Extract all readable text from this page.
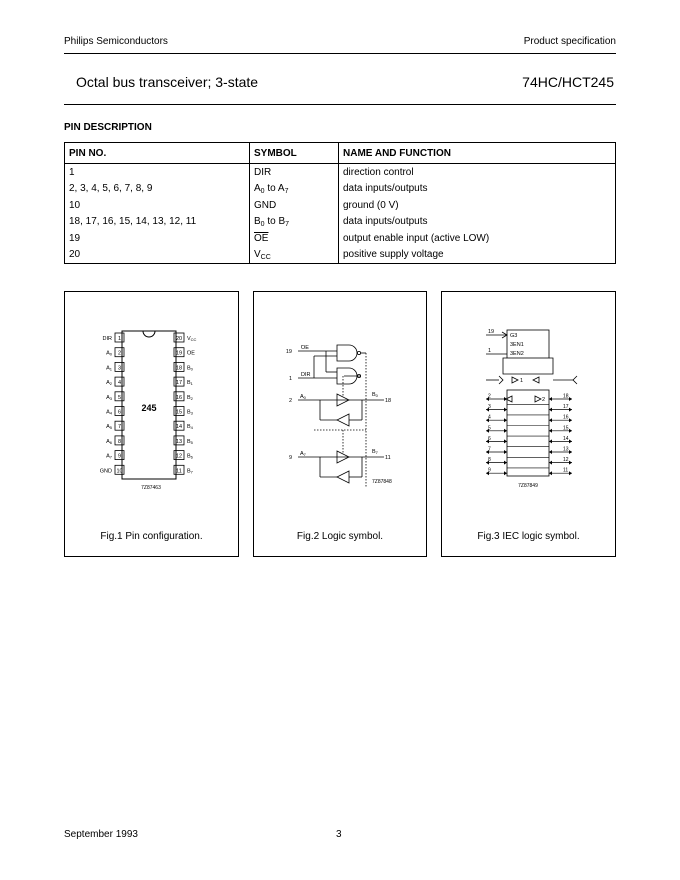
Philips Semiconductors	Product specification
Octal bus transceiver; 3-state	74HC/HCT245
PIN DESCRIPTION
PIN NO.	SYMBOL	NAME AND FUNCTION
1	DIR	direction control
2, 3, 4, 5, 6, 7, 8, 9	$A_0$ to $A_7$	data inputs/outputs
10	GND	ground (0 V)
18, 17, 16, 15, 14, 13, 12, 11	$B_0$ to $B_7$	data inputs/outputs
19	$\overline{OE}$	output enable input (active LOW)
20	$V_{CC}$	positive supply voltage
245
7Z87463
1
DIR
2
A0
3
A1
4
A2
5
A3
6
A4
7
A5
8
A6
9
A7
10
GND
20 VCC
19 OE
18 B0
17 B1
16 B2
15 B3
14 B4
13 B5
12 B6
11 B7
Fig.1 Pin configuration.
19
OE
1
DIR
2
A0	B0
18
9
A7	B7
11
7Z87848
Fig.2 Logic symbol.
2	18
3	17
4	16
5	15
6	14
7	13
8	12
9	11
19
1
G3
3EN1
3EN2
1
2
7Z87849
Fig.3 IEC logic symbol.
September 1993	3
